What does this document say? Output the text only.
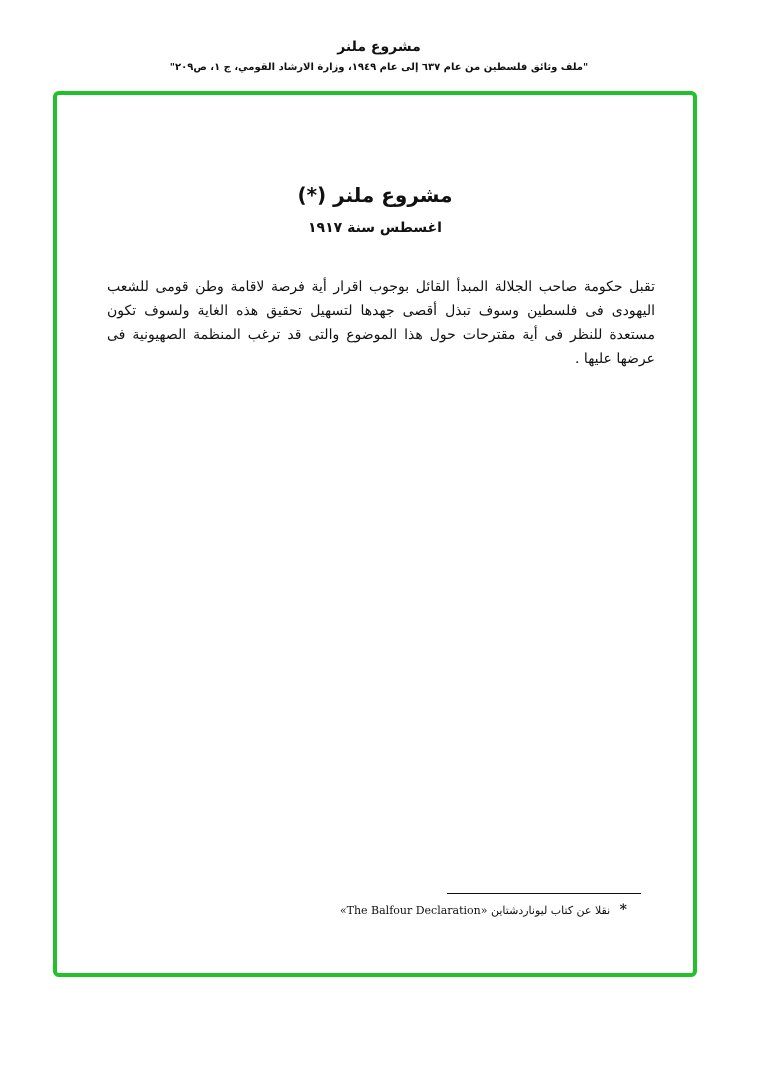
مشروع ملنر

"ملف وثائق فلسطين من عام ٦٣٧ إلى عام ١٩٤٩، وزارة الارشاد القومي، ج ١، ص٢٠٩"

مشروع ملنر (*)

اغسطس سنة ١٩١٧

تقبل حكومة صاحب الجلالة المبدأ القائل بوجوب اقرار أية فرصة لاقامة وطن قومى للشعب اليهودى فى فلسطين وسوف تبذل أقصى جهدها لتسهيل تحقيق هذه الغاية ولسوف تكون مستعدة للنظر فى أية مقترحات حول هذا الموضوع والتى قد ترغب المنظمة الصهيونية فى عرضها عليها .

* نقلا عن كتاب ليوناردشتاين «The Balfour Declaration»
